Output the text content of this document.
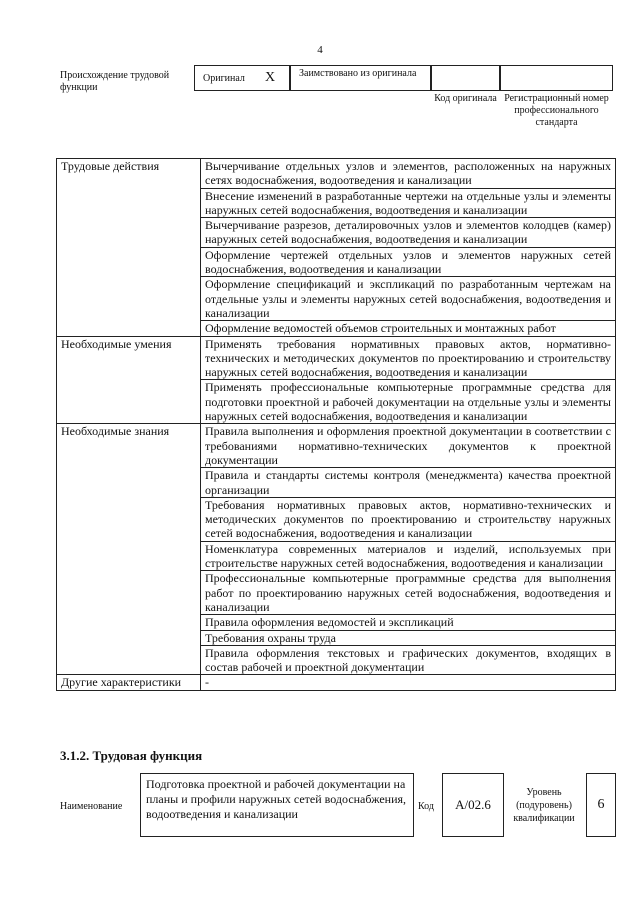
4
Происхождение трудовой функции
Оригинал X Заимствовано из оригинала
Код оригинала Регистрационный номер профессионального стандарта
Трудовые действия	Вычерчивание отдельных узлов и элементов, расположенных на наружных сетях водоснабжения, водоотведения и канализации
	Внесение изменений в разработанные чертежи на отдельные узлы и элементы наружных сетей водоснабжения, водоотведения и канализации
	Вычерчивание разрезов, деталировочных узлов и элементов колодцев (камер) наружных сетей водоснабжения, водоотведения и канализации
	Оформление чертежей отдельных узлов и элементов наружных сетей водоснабжения, водоотведения и канализации
	Оформление спецификаций и экспликаций по разработанным чертежам на отдельные узлы и элементы наружных сетей водоснабжения, водоотведения и канализации
	Оформление ведомостей объемов строительных и монтажных работ
Необходимые умения	Применять требования нормативных правовых актов, нормативно-технических и методических документов по проектированию и строительству наружных сетей водоснабжения, водоотведения и канализации
	Применять профессиональные компьютерные программные средства для подготовки проектной и рабочей документации на отдельные узлы и элементы наружных сетей водоснабжения, водоотведения и канализации
Необходимые знания	Правила выполнения и оформления проектной документации в соответствии с требованиями нормативно-технических документов к проектной документации
	Правила и стандарты системы контроля (менеджмента) качества проектной организации
	Требования нормативных правовых актов, нормативно-технических и методических документов по проектированию и строительству наружных сетей водоснабжения, водоотведения и канализации
	Номенклатура современных материалов и изделий, используемых при строительстве наружных сетей водоснабжения, водоотведения и канализации
	Профессиональные компьютерные программные средства для выполнения работ по проектированию наружных сетей водоснабжения, водоотведения и канализации
	Правила оформления ведомостей и экспликаций
	Требования охраны труда
	Правила оформления текстовых и графических документов, входящих в состав рабочей и проектной документации
Другие характеристики	-
3.1.2. Трудовая функция
Наименование
Подготовка проектной и рабочей документации на планы и профили наружных сетей водоснабжения, водоотведения и канализации
Код	A/02.6
Уровень (подуровень) квалификации
6
